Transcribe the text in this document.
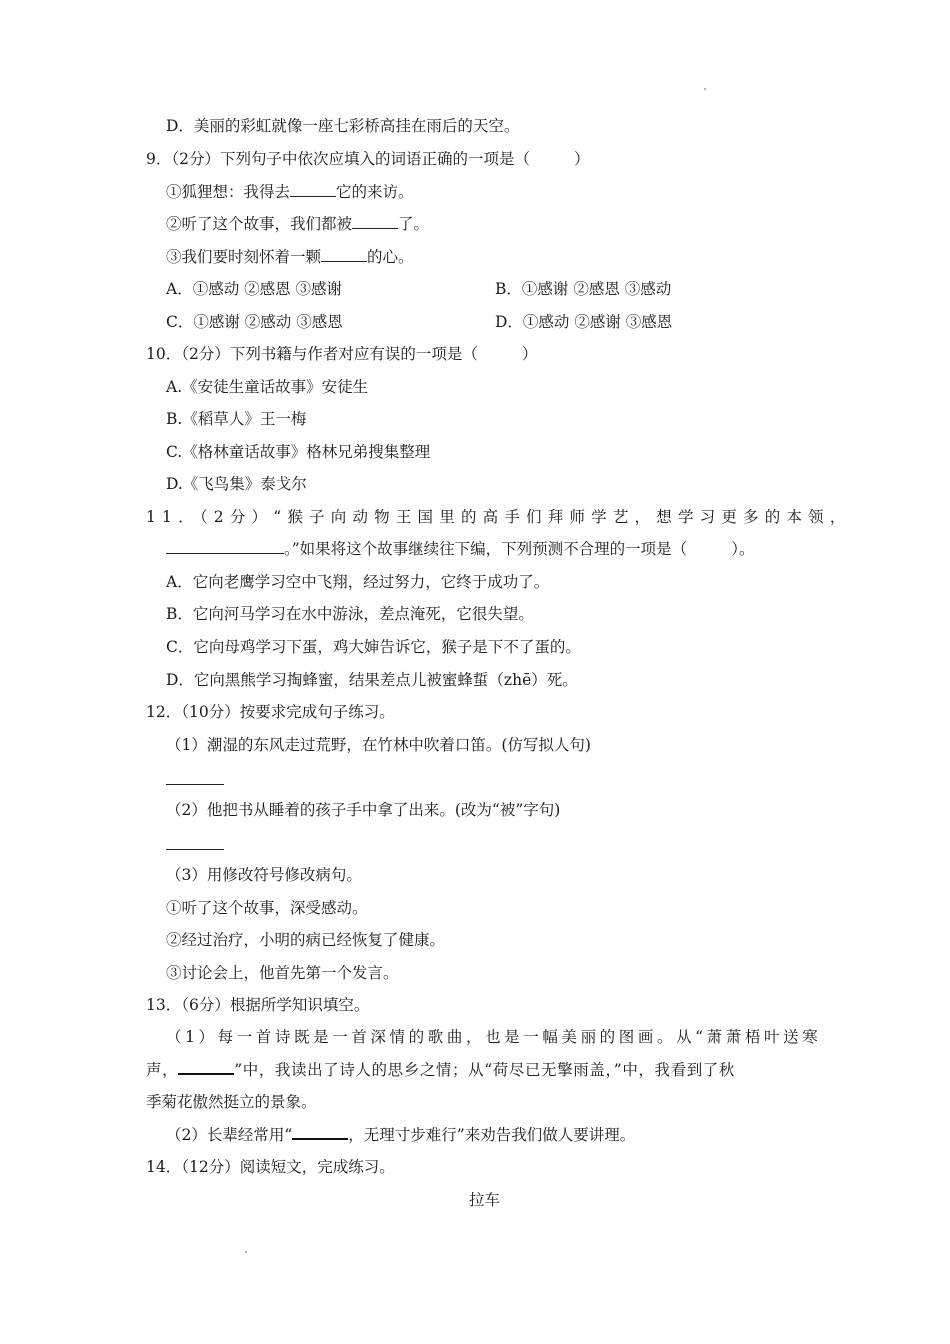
D．美丽的彩虹就像一座七彩桥高挂在雨后的天空。
9．（2分）下列句子中依次应填入的词语正确的一项是（	）
①狐狸想：我得去	它的来访。
②听了这个故事，我们都被	了。
③我们要时刻怀着一颗	的心。
A．①感动 ②感恩 ③感谢	B．①感谢 ②感恩 ③感动
C．①感谢 ②感动 ③感恩	D．①感动 ②感谢 ③感恩
10．（2分）下列书籍与作者对应有误的一项是（	）
A.《安徒生童话故事》安徒生
B.《稻草人》王一梅
C.《格林童话故事》格林兄弟搜集整理
D.《飞鸟集》泰戈尔
11．（2分）“猴子向动物王国里的高手们拜师学艺，想学习更多的本领，
。”如果将这个故事继续往下编，下列预测不合理的一项是（	）。
A．它向老鹰学习空中飞翔，经过努力，它终于成功了。
B．它向河马学习在水中游泳，差点淹死，它很失望。
C．它向母鸡学习下蛋，鸡大婶告诉它，猴子是下不了蛋的。
D．它向黑熊学习掏蜂蜜，结果差点儿被蜜蜂蜇（zhē）死。
12．（10分）按要求完成句子练习。
（1）潮湿的东风走过荒野，在竹林中吹着口笛。(仿写拟人句)
（2）他把书从睡着的孩子手中拿了出来。(改为“被”字句)
（3）用修改符号修改病句。
①听了这个故事，深受感动。
②经过治疗，小明的病已经恢复了健康。
③讨论会上，他首先第一个发言。
13．（6分）根据所学知识填空。
（1）每一首诗既是一首深情的歌曲，也是一幅美丽的图画。从“萧萧梧叶送寒
声，	”中，我读出了诗人的思乡之情；从“荷尽已无擎雨盖，”中，我看到了秋
季菊花傲然挺立的景象。
（2）长辈经常用“	，无理寸步难行”来劝告我们做人要讲理。
14．（12分）阅读短文，完成练习。
拉车
